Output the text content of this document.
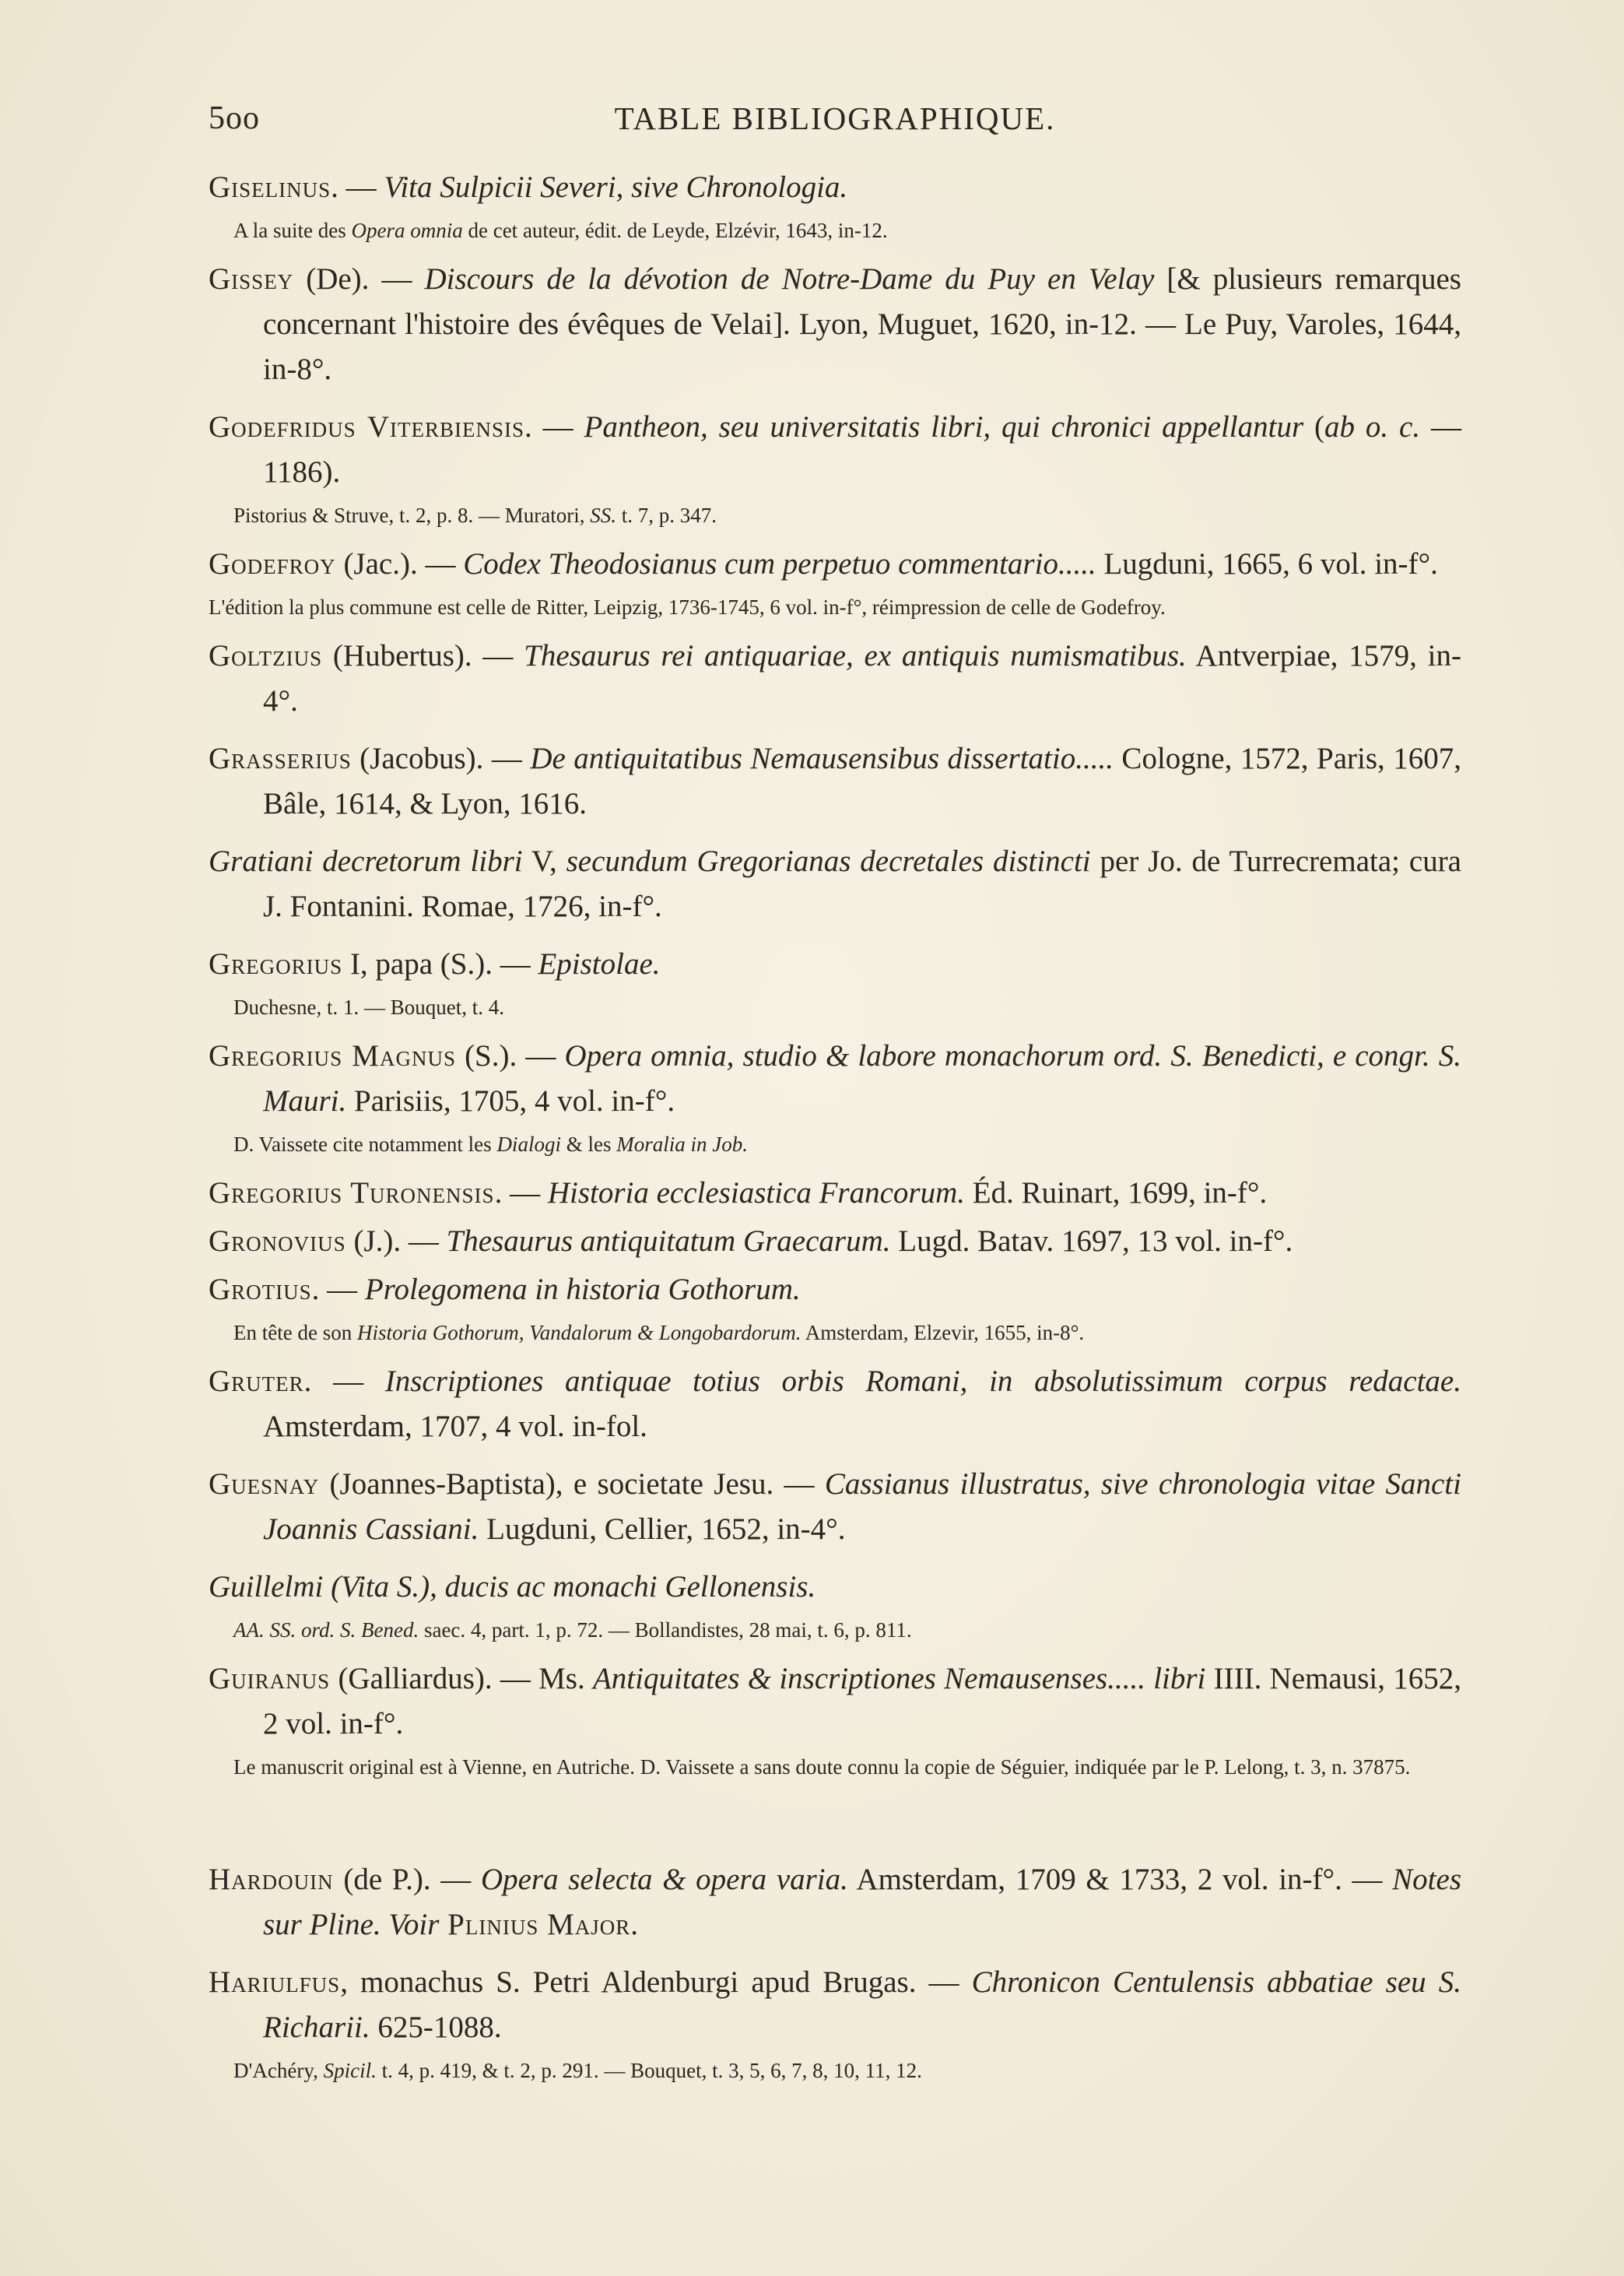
5oo	TABLE BIBLIOGRAPHIQUE.

Giselinus. — Vita Sulpicii Severi, sive Chronologia.

A la suite des Opera omnia de cet auteur, édit. de Leyde, Elzévir, 1643, in-12.

Gissey (De). — Discours de la dévotion de Notre-Dame du Puy en Velay [& plusieurs remarques concernant l'histoire des évêques de Velai]. Lyon, Muguet, 1620, in-12. — Le Puy, Varoles, 1644, in-8°.

Godefridus Viterbiensis. — Pantheon, seu universitatis libri, qui chronici appellantur (ab o. c. — 1186).

Pistorius & Struve, t. 2, p. 8. — Muratori, SS. t. 7, p. 347.

Godefroy (Jac.). — Codex Theodosianus cum perpetuo commentario..... Lugduni, 1665, 6 vol. in-f°.

L'édition la plus commune est celle de Ritter, Leipzig, 1736-1745, 6 vol. in-f°, réimpression de celle de Godefroy.

Goltzius (Hubertus). — Thesaurus rei antiquariae, ex antiquis numismatibus. Antverpiae, 1579, in-4°.

Grasserius (Jacobus). — De antiquitatibus Nemausensibus dissertatio..... Cologne, 1572, Paris, 1607, Bâle, 1614, & Lyon, 1616.

Gratiani decretorum libri V, secundum Gregorianas decretales distincti per Jo. de Turrecremata; cura J. Fontanini. Romae, 1726, in-f°.

Gregorius I, papa (S.). — Epistolae.

Duchesne, t. 1. — Bouquet, t. 4.

Gregorius Magnus (S.). — Opera omnia, studio & labore monachorum ord. S. Benedicti, e congr. S. Mauri. Parisiis, 1705, 4 vol. in-f°.

D. Vaissete cite notamment les Dialogi & les Moralia in Job.

Gregorius Turonensis. — Historia ecclesiastica Francorum. Éd. Ruinart, 1699, in-f°.

Gronovius (J.). — Thesaurus antiquitatum Graecarum. Lugd. Batav. 1697, 13 vol. in-f°.

Grotius. — Prolegomena in historia Gothorum.

En tête de son Historia Gothorum, Vandalorum & Longobardorum. Amsterdam, Elzevir, 1655, in-8°.

Gruter. — Inscriptiones antiquae totius orbis Romani, in absolutissimum corpus redactae. Amsterdam, 1707, 4 vol. in-fol.

Guesnay (Joannes-Baptista), e societate Jesu. — Cassianus illustratus, sive chronologia vitae Sancti Joannis Cassiani. Lugduni, Cellier, 1652, in-4°.

Guillelmi (Vita S.), ducis ac monachi Gellonensis.

AA. SS. ord. S. Bened. saec. 4, part. 1, p. 72. — Bollandistes, 28 mai, t. 6, p. 811.

Guiranus (Galliardus). — Ms. Antiquitates & inscriptiones Nemausenses..... libri IIII. Nemausi, 1652, 2 vol. in-f°.

Le manuscrit original est à Vienne, en Autriche. D. Vaissete a sans doute connu la copie de Séguier, indiquée par le P. Lelong, t. 3, n. 37875.

Hardouin (de P.). — Opera selecta & opera varia. Amsterdam, 1709 & 1733, 2 vol. in-f°. — Notes sur Pline. Voir Plinius Major.

Hariulfus, monachus S. Petri Aldenburgi apud Brugas. — Chronicon Centulensis abbatiae seu S. Richarii. 625-1088.

D'Achéry, Spicil. t. 4, p. 419, & t. 2, p. 291. — Bouquet, t. 3, 5, 6, 7, 8, 10, 11, 12.
